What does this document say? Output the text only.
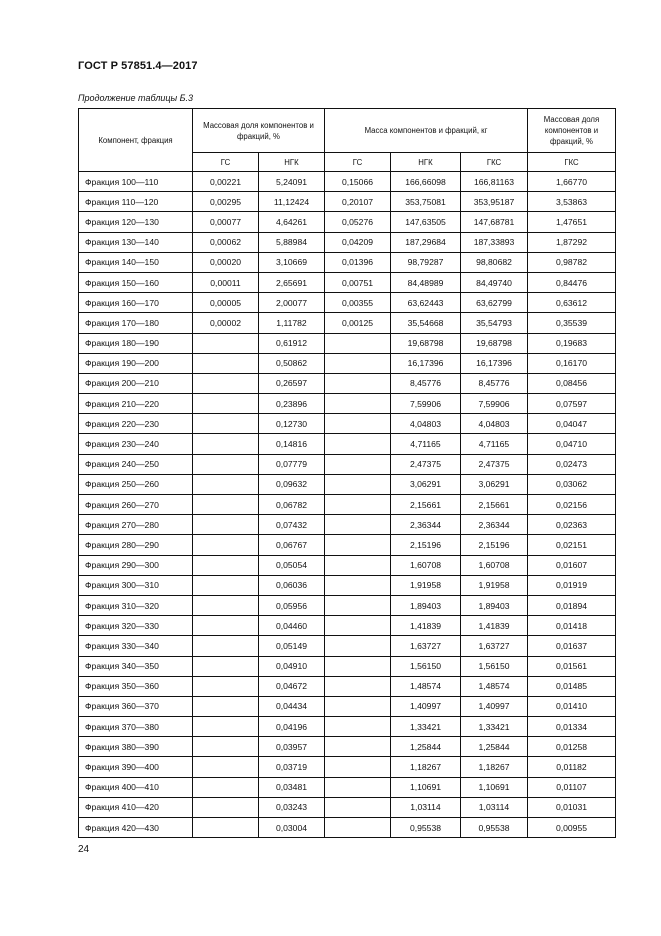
ГОСТ Р 57851.4—2017
Продолжение таблицы Б.3
Компонент, фракция	Массовая доля компонентов и фракций, %		Масса компонентов и фракций, кг			Массовая доля компонентов и фракций, %
	ГС	НГК	ГС	НГК	ГКС	ГКС
Фракция 100—110	0,00221	5,24091	0,15066	166,66098	166,81163	1,66770
Фракция 110—120	0,00295	11,12424	0,20107	353,75081	353,95187	3,53863
Фракция 120—130	0,00077	4,64261	0,05276	147,63505	147,68781	1,47651
Фракция 130—140	0,00062	5,88984	0,04209	187,29684	187,33893	1,87292
Фракция 140—150	0,00020	3,10669	0,01396	98,79287	98,80682	0,98782
Фракция 150—160	0,00011	2,65691	0,00751	84,48989	84,49740	0,84476
Фракция 160—170	0,00005	2,00077	0,00355	63,62443	63,62799	0,63612
Фракция 170—180	0,00002	1,11782	0,00125	35,54668	35,54793	0,35539
Фракция 180—190		0,61912		19,68798	19,68798	0,19683
Фракция 190—200		0,50862		16,17396	16,17396	0,16170
Фракция 200—210		0,26597		8,45776	8,45776	0,08456
Фракция 210—220		0,23896		7,59906	7,59906	0,07597
Фракция 220—230		0,12730		4,04803	4,04803	0,04047
Фракция 230—240		0,14816		4,71165	4,71165	0,04710
Фракция 240—250		0,07779		2,47375	2,47375	0,02473
Фракция 250—260		0,09632		3,06291	3,06291	0,03062
Фракция 260—270		0,06782		2,15661	2,15661	0,02156
Фракция 270—280		0,07432		2,36344	2,36344	0,02363
Фракция 280—290		0,06767		2,15196	2,15196	0,02151
Фракция 290—300		0,05054		1,60708	1,60708	0,01607
Фракция 300—310		0,06036		1,91958	1,91958	0,01919
Фракция 310—320		0,05956		1,89403	1,89403	0,01894
Фракция 320—330		0,04460		1,41839	1,41839	0,01418
Фракция 330—340		0,05149		1,63727	1,63727	0,01637
Фракция 340—350		0,04910		1,56150	1,56150	0,01561
Фракция 350—360		0,04672		1,48574	1,48574	0,01485
Фракция 360—370		0,04434		1,40997	1,40997	0,01410
Фракция 370—380		0,04196		1,33421	1,33421	0,01334
Фракция 380—390		0,03957		1,25844	1,25844	0,01258
Фракция 390—400		0,03719		1,18267	1,18267	0,01182
Фракция 400—410		0,03481		1,10691	1,10691	0,01107
Фракция 410—420		0,03243		1,03114	1,03114	0,01031
Фракция 420—430		0,03004		0,95538	0,95538	0,00955
24
